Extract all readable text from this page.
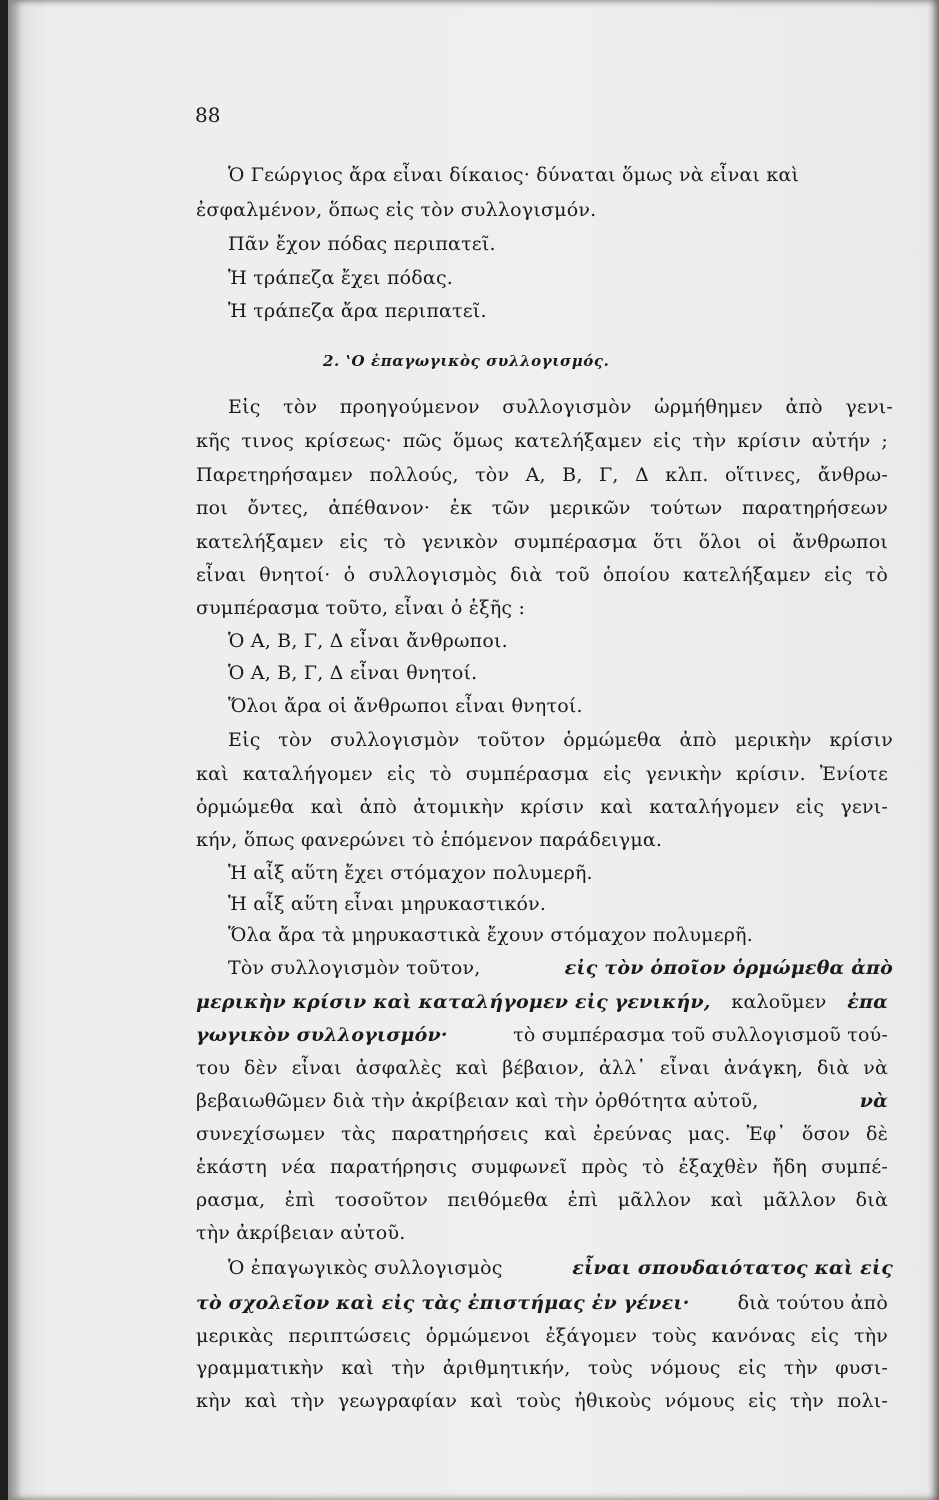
88
Ὁ Γεώργιος ἄρα εἶναι δίκαιος· δύναται ὅμως νὰ εἶναι καὶ
ἐσφαλμένον, ὅπως εἰς τὸν συλλογισμόν.
Πᾶν ἔχον πόδας περιπατεῖ.
Ἡ τράπεζα ἔχει πόδας.
Ἡ τράπεζα ἄρα περιπατεῖ.
2. ʽΟ ἐπαγωγικὸς συλλογισμός.
Εἰς τὸν προηγούμενον συλλογισμὸν ὡρμήθημεν ἀπὸ γενι-
κῆς τινος κρίσεως· πῶς ὅμως κατελήξαμεν εἰς τὴν κρίσιν αὐτήν ;
Παρετηρήσαμεν πολλούς, τὸν Α, Β, Γ, Δ κλπ. οἵτινες, ἄνθρω-
ποι ὄντες, ἀπέθανον· ἐκ τῶν μερικῶν τούτων παρατηρήσεων
κατελήξαμεν εἰς τὸ γενικὸν συμπέρασμα ὅτι ὅλοι οἱ ἄνθρωποι
εἶναι θνητοί· ὁ συλλογισμὸς διὰ τοῦ ὁποίου κατελήξαμεν εἰς τὸ
συμπέρασμα τοῦτο, εἶναι ὁ ἑξῆς :
Ὁ Α, Β, Γ, Δ εἶναι ἄνθρωποι.
Ὁ Α, Β, Γ, Δ εἶναι θνητοί.
Ὅλοι ἄρα οἱ ἄνθρωποι εἶναι θνητοί.
Εἰς τὸν συλλογισμὸν τοῦτον ὁρμώμεθα ἀπὸ μερικὴν κρίσιν
καὶ καταλήγομεν εἰς τὸ συμπέρασμα εἰς γενικὴν κρίσιν. Ἐνίοτε
ὁρμώμεθα καὶ ἀπὸ ἀτομικὴν κρίσιν καὶ καταλήγομεν εἰς γενι-
κήν, ὅπως φανερώνει τὸ ἑπόμενον παράδειγμα.
Ἡ αἶξ αὕτη ἔχει στόμαχον πολυμερῆ.
Ἡ αἶξ αὕτη εἶναι μηρυκαστικόν.
Ὅλα ἄρα τὰ μηρυκαστικὰ ἔχουν στόμαχον πολυμερῆ.
Τὸν συλλογισμὸν τοῦτον,	εἰς τὸν ὁποῖον ὁρμώμεθα ἀπὸ
μερικὴν κρίσιν καὶ καταλήγομεν εἰς γενικήν, καλοῦμεν ἐπα
γωγικὸν συλλογισμόν·	τὸ συμπέρασμα τοῦ συλλογισμοῦ τού-
του δὲν εἶναι ἀσφαλὲς καὶ βέβαιον, ἀλλ᾽ εἶναι ἀνάγκη, διὰ νὰ
βεβαιωθῶμεν διὰ τὴν ἀκρίβειαν καὶ τὴν ὀρθότητα αὐτοῦ,	νὰ
συνεχίσωμεν τὰς παρατηρήσεις καὶ ἐρεύνας μας. Ἐφ᾽ ὅσον δὲ
ἑκάστη νέα παρατήρησις συμφωνεῖ πρὸς τὸ ἐξαχθὲν ἤδη συμπέ-
ρασμα, ἐπὶ τοσοῦτον πειθόμεθα ἐπὶ μᾶλλον καὶ μᾶλλον διὰ
τὴν ἀκρίβειαν αὐτοῦ.
Ὁ ἐπαγωγικὸς συλλογισμὸς	εἶναι σπουδαιότατος καὶ εἰς
τὸ σχολεῖον καὶ εἰς τὰς ἐπιστήμας ἐν γένει·	διὰ τούτου ἀπὸ
μερικὰς περιπτώσεις ὁρμώμενοι ἐξάγομεν τοὺς κανόνας εἰς τὴν
γραμματικὴν καὶ τὴν ἀριθμητικήν, τοὺς νόμους εἰς τὴν φυσι-
κὴν καὶ τὴν γεωγραφίαν καὶ τοὺς ἠθικοὺς νόμους εἰς τὴν πολι-
